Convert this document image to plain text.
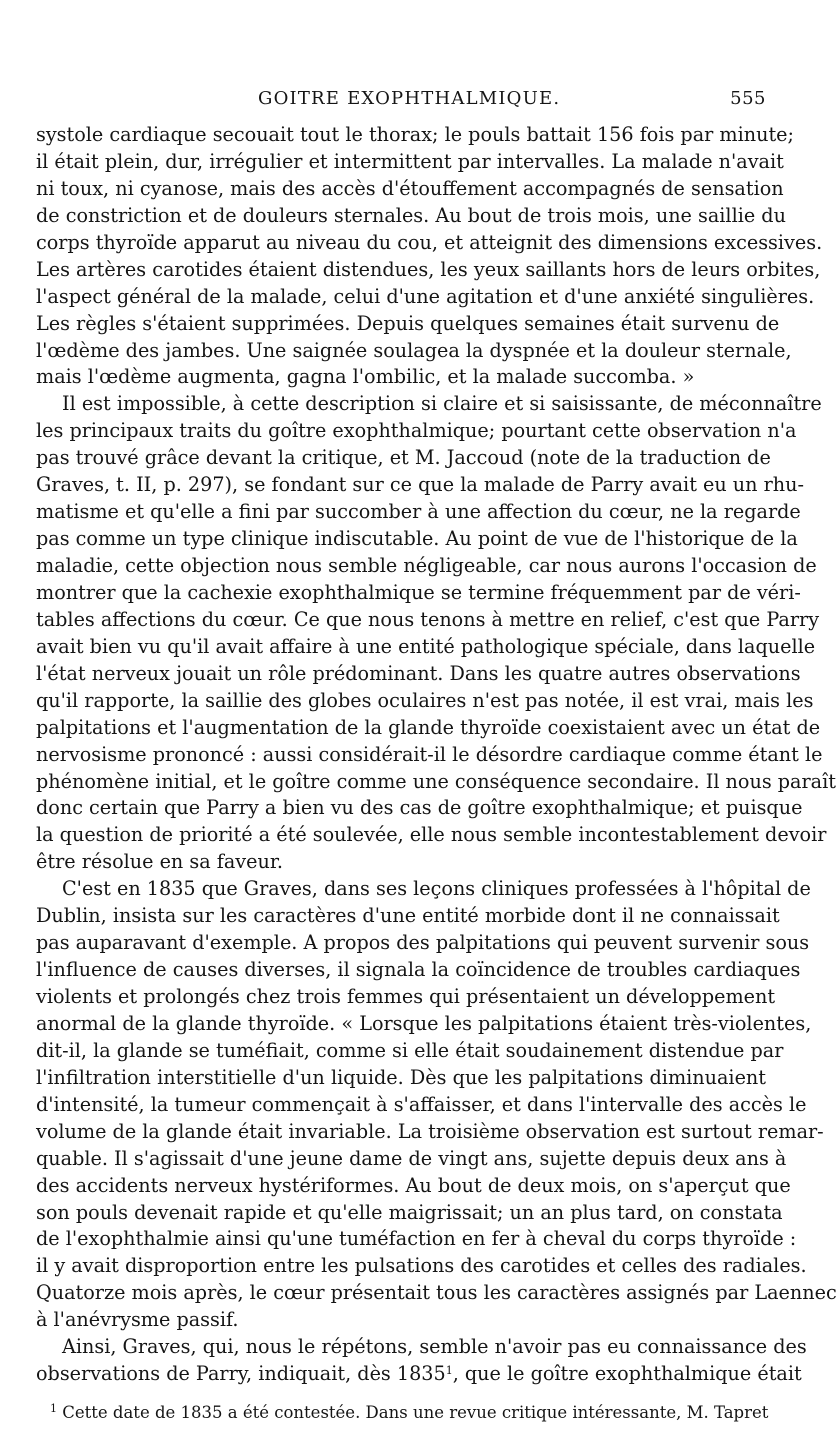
GOITRE EXOPHTHALMIQUE.	555
systole cardiaque secouait tout le thorax; le pouls battait 156 fois par minute;
il était plein, dur, irrégulier et intermittent par intervalles. La malade n'avait
ni toux, ni cyanose, mais des accès d'étouffement accompagnés de sensation
de constriction et de douleurs sternales. Au bout de trois mois, une saillie du
corps thyroïde apparut au niveau du cou, et atteignit des dimensions excessives.
Les artères carotides étaient distendues, les yeux saillants hors de leurs orbites,
l'aspect général de la malade, celui d'une agitation et d'une anxiété singulières.
Les règles s'étaient supprimées. Depuis quelques semaines était survenu de
l'œdème des jambes. Une saignée soulagea la dyspnée et la douleur sternale,
mais l'œdème augmenta, gagna l'ombilic, et la malade succomba. »
Il est impossible, à cette description si claire et si saisissante, de méconnaître
les principaux traits du goître exophthalmique; pourtant cette observation n'a
pas trouvé grâce devant la critique, et M. Jaccoud (note de la traduction de
Graves, t. II, p. 297), se fondant sur ce que la malade de Parry avait eu un rhu-
matisme et qu'elle a fini par succomber à une affection du cœur, ne la regarde
pas comme un type clinique indiscutable. Au point de vue de l'historique de la
maladie, cette objection nous semble négligeable, car nous aurons l'occasion de
montrer que la cachexie exophthalmique se termine fréquemment par de véri-
tables affections du cœur. Ce que nous tenons à mettre en relief, c'est que Parry
avait bien vu qu'il avait affaire à une entité pathologique spéciale, dans laquelle
l'état nerveux jouait un rôle prédominant. Dans les quatre autres observations
qu'il rapporte, la saillie des globes oculaires n'est pas notée, il est vrai, mais les
palpitations et l'augmentation de la glande thyroïde coexistaient avec un état de
nervosisme prononcé : aussi considérait-il le désordre cardiaque comme étant le
phénomène initial, et le goître comme une conséquence secondaire. Il nous paraît
donc certain que Parry a bien vu des cas de goître exophthalmique; et puisque
la question de priorité a été soulevée, elle nous semble incontestablement devoir
être résolue en sa faveur.
C'est en 1835 que Graves, dans ses leçons cliniques professées à l'hôpital de
Dublin, insista sur les caractères d'une entité morbide dont il ne connaissait
pas auparavant d'exemple. A propos des palpitations qui peuvent survenir sous
l'influence de causes diverses, il signala la coïncidence de troubles cardiaques
violents et prolongés chez trois femmes qui présentaient un développement
anormal de la glande thyroïde. « Lorsque les palpitations étaient très-violentes,
dit-il, la glande se tuméfiait, comme si elle était soudainement distendue par
l'infiltration interstitielle d'un liquide. Dès que les palpitations diminuaient
d'intensité, la tumeur commençait à s'affaisser, et dans l'intervalle des accès le
volume de la glande était invariable. La troisième observation est surtout remar-
quable. Il s'agissait d'une jeune dame de vingt ans, sujette depuis deux ans à
des accidents nerveux hystériformes. Au bout de deux mois, on s'aperçut que
son pouls devenait rapide et qu'elle maigrissait; un an plus tard, on constata
de l'exophthalmie ainsi qu'une tuméfaction en fer à cheval du corps thyroïde :
il y avait disproportion entre les pulsations des carotides et celles des radiales.
Quatorze mois après, le cœur présentait tous les caractères assignés par Laennec
à l'anévrysme passif.
Ainsi, Graves, qui, nous le répétons, semble n'avoir pas eu connaissance des
observations de Parry, indiquait, dès 1835$^1$, que le goître exophthalmique était
$^1$ Cette date de 1835 a été contestée. Dans une revue critique intéressante, M. Tapret
